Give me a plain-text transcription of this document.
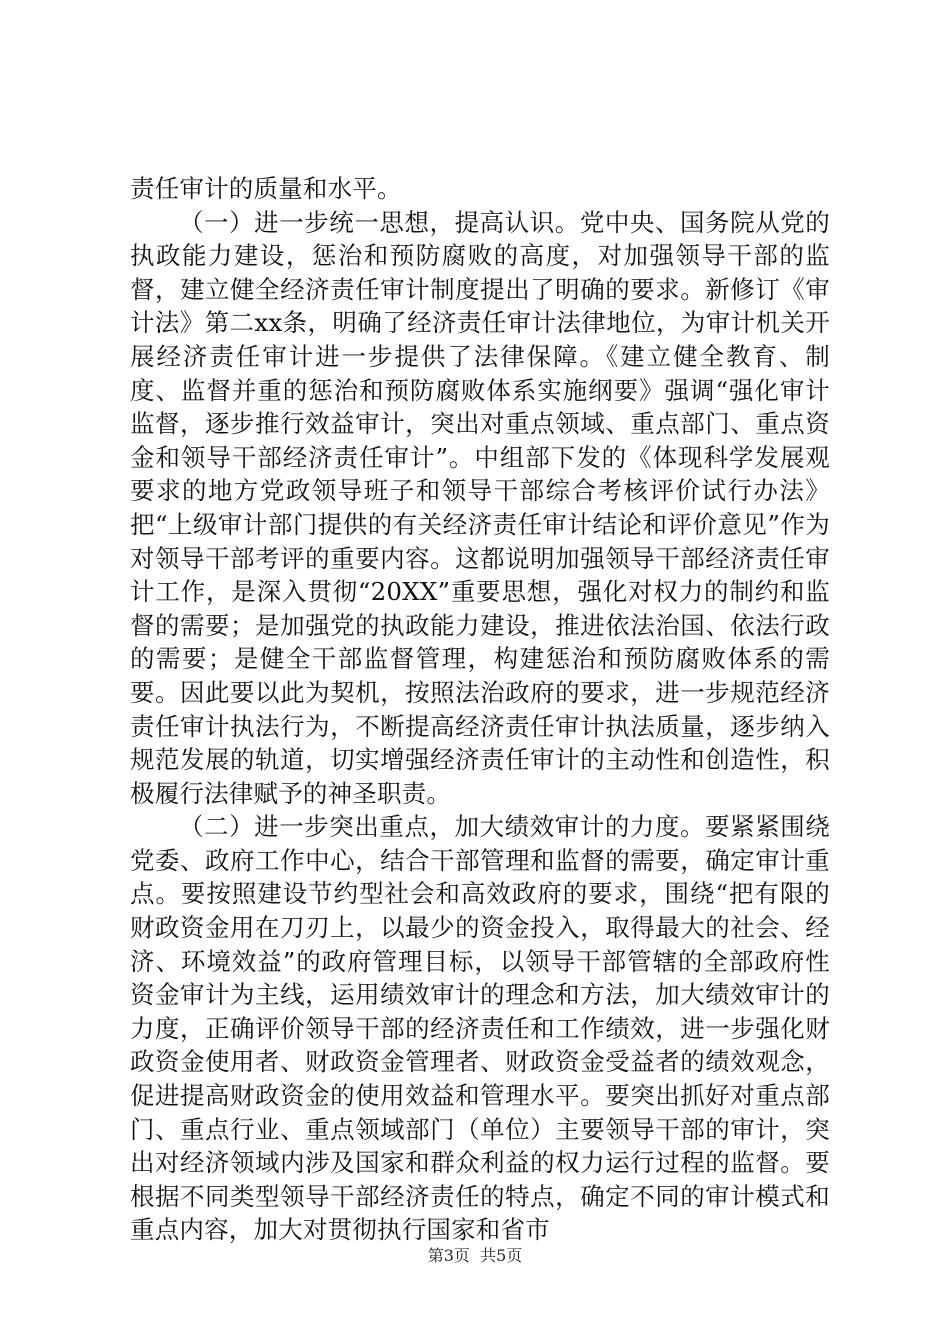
责任审计的质量和水平。

（一）进一步统一思想，提高认识。党中央、国务院从党的执政能力建设，惩治和预防腐败的高度，对加强领导干部的监督，建立健全经济责任审计制度提出了明确的要求。新修订《审计法》第二xx条，明确了经济责任审计法律地位，为审计机关开展经济责任审计进一步提供了法律保障。《建立健全教育、制度、监督并重的惩治和预防腐败体系实施纲要》强调“强化审计监督，逐步推行效益审计，突出对重点领域、重点部门、重点资金和领导干部经济责任审计”。中组部下发的《体现科学发展观要求的地方党政领导班子和领导干部综合考核评价试行办法》把“上级审计部门提供的有关经济责任审计结论和评价意见”作为对领导干部考评的重要内容。这都说明加强领导干部经济责任审计工作，是深入贯彻“20XX”重要思想，强化对权力的制约和监督的需要；是加强党的执政能力建设，推进依法治国、依法行政的需要；是健全干部监督管理，构建惩治和预防腐败体系的需要。因此要以此为契机，按照法治政府的要求，进一步规范经济责任审计执法行为，不断提高经济责任审计执法质量，逐步纳入规范发展的轨道，切实增强经济责任审计的主动性和创造性，积极履行法律赋予的神圣职责。

（二）进一步突出重点，加大绩效审计的力度。要紧紧围绕党委、政府工作中心，结合干部管理和监督的需要，确定审计重点。要按照建设节约型社会和高效政府的要求，围绕“把有限的财政资金用在刀刃上，以最少的资金投入，取得最大的社会、经济、环境效益”的政府管理目标，以领导干部管辖的全部政府性资金审计为主线，运用绩效审计的理念和方法，加大绩效审计的力度，正确评价领导干部的经济责任和工作绩效，进一步强化财政资金使用者、财政资金管理者、财政资金受益者的绩效观念，促进提高财政资金的使用效益和管理水平。要突出抓好对重点部门、重点行业、重点领域部门（单位）主要领导干部的审计，突出对经济领域内涉及国家和群众利益的权力运行过程的监督。要根据不同类型领导干部经济责任的特点，确定不同的审计模式和重点内容，加大对贯彻执行国家和省市

第3页  共5页
